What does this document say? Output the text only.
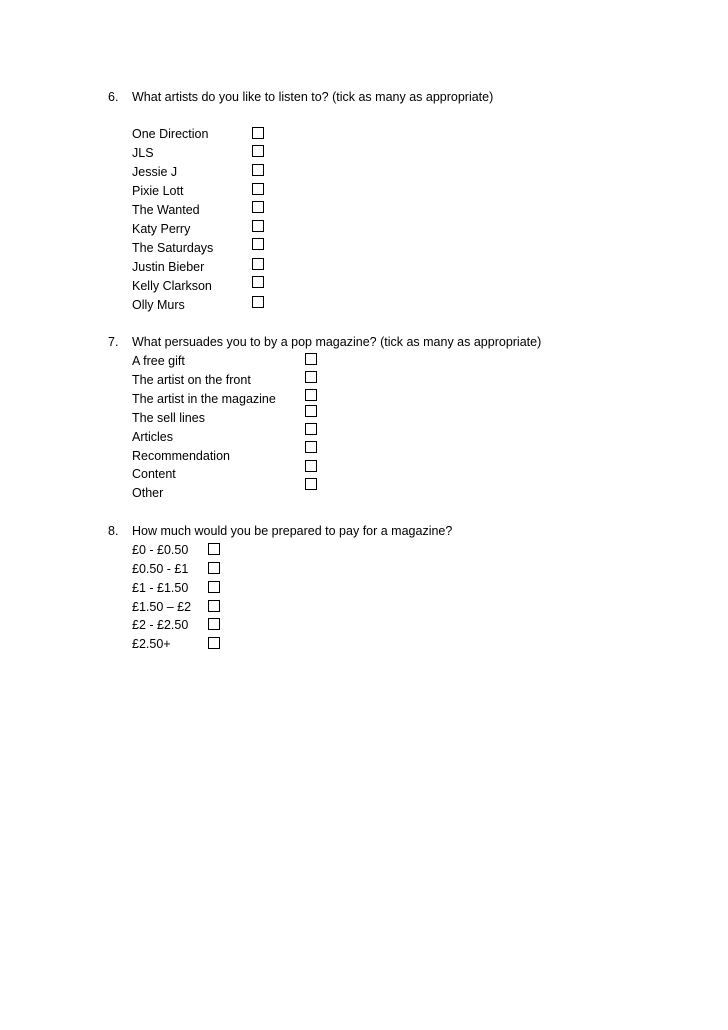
6. What artists do you like to listen to? (tick as many as appropriate)
One Direction
JLS
Jessie J
Pixie Lott
The Wanted
Katy Perry
The Saturdays
Justin Bieber
Kelly Clarkson
Olly Murs
7. What persuades you to by a pop magazine? (tick as many as appropriate)
A free gift
The artist on the front
The artist in the magazine
The sell lines
Articles
Recommendation
Content
Other
8. How much would you be prepared to pay for a magazine?
£0 - £0.50
£0.50 - £1
£1 - £1.50
£1.50 – £2
£2 - £2.50
£2.50+
